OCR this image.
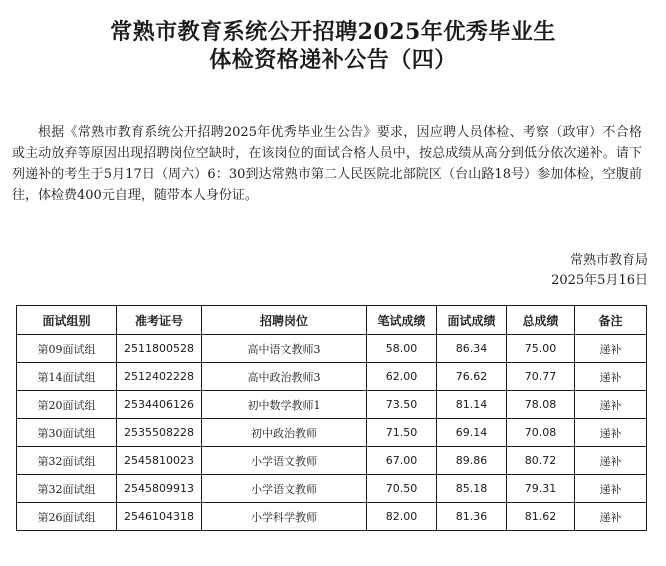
常熟市教育系统公开招聘2025年优秀毕业生
体检资格递补公告（四）
根据《常熟市教育系统公开招聘2025年优秀毕业生公告》要求，因应聘人员体检、考察（政审）不合格或主动放弃等原因出现招聘岗位空缺时，在该岗位的面试合格人员中，按总成绩从高分到低分依次递补。请下列递补的考生于5月17日（周六）6：30到达常熟市第二人民医院北部院区（台山路18号）参加体检，空腹前往，体检费400元自理，随带本人身份证。
常熟市教育局
2025年5月16日
面试组别	准考证号	招聘岗位	笔试成绩	面试成绩	总成绩	备注
第09面试组	2511800528	高中语文教师3	58.00	86.34	75.00	递补
第14面试组	2512402228	高中政治教师3	62.00	76.62	70.77	递补
第20面试组	2534406126	初中数学教师1	73.50	81.14	78.08	递补
第30面试组	2535508228	初中政治教师	71.50	69.14	70.08	递补
第32面试组	2545810023	小学语文教师	67.00	89.86	80.72	递补
第32面试组	2545809913	小学语文教师	70.50	85.18	79.31	递补
第26面试组	2546104318	小学科学教师	82.00	81.36	81.62	递补
